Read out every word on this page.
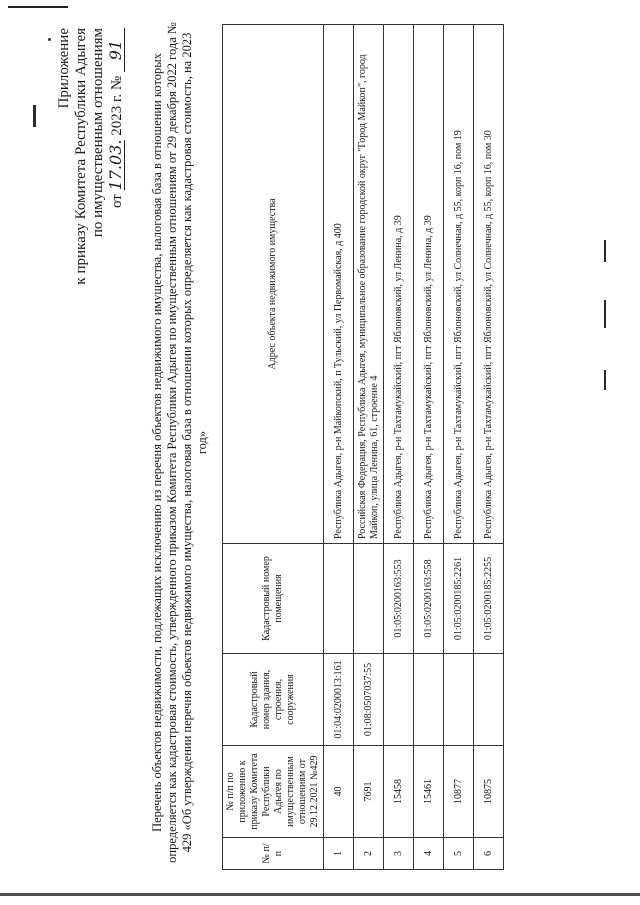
Приложение к приказу Комитета Республики Адыгея по имущественным отношениям от 17.03. 2023 г. № 91
Перечень объектов недвижимости, подлежащих исключению из перечня объектов недвижимого имущества, налоговая база в отношении которых определяется как кадастровая стоимость, утвержденного приказом Комитета Республики Адыгея по имущественным отношениям от 29 декабря 2022 года № 429 «Об утверждении перечня объектов недвижимого имущества, налоговая база в отношении которых определяется как кадастровая стоимость, на 2023 год»
№ п/п	№ п/п по приложению к приказу Комитета Республики Адыгея по имущественным отношениям от 29.12.2021 №429	Кадастровый номер здания, строения, сооружения	Кадастровый номер помещения	Адрес объекта недвижимого имущества
1	40	01:04:0200013:161		Республика Адыгея, р-н Майкопский, п Тульский, ул Первомайская, д 400
2	7691	01:08:0507037:55		Российская Федерация, Республика Адыгея, муниципальное образование городской округ "Город Майкоп", город Майкоп, улица Ленина, 61, строение 4
3	15458		01:05:0200163:553	Республика Адыгея, р-н Тахтамукайский, пгт Яблоновский, ул Ленина, д 39
4	15461		01:05:0200163:558	Республика Адыгея, р-н Тахтамукайский, пгт Яблоновский, ул Ленина, д 39
5	10877		01:05:0200185:2261	Республика Адыгея, р-н Тахтамукайский, пгт Яблоновский, ул Солнечная, д 55, корп 16, пом 19
6	10875		01:05:0200185:2255	Республика Адыгея, р-н Тахтамукайский, пгт Яблоновский, ул Солнечная, д 55, корп 16, пом 30
